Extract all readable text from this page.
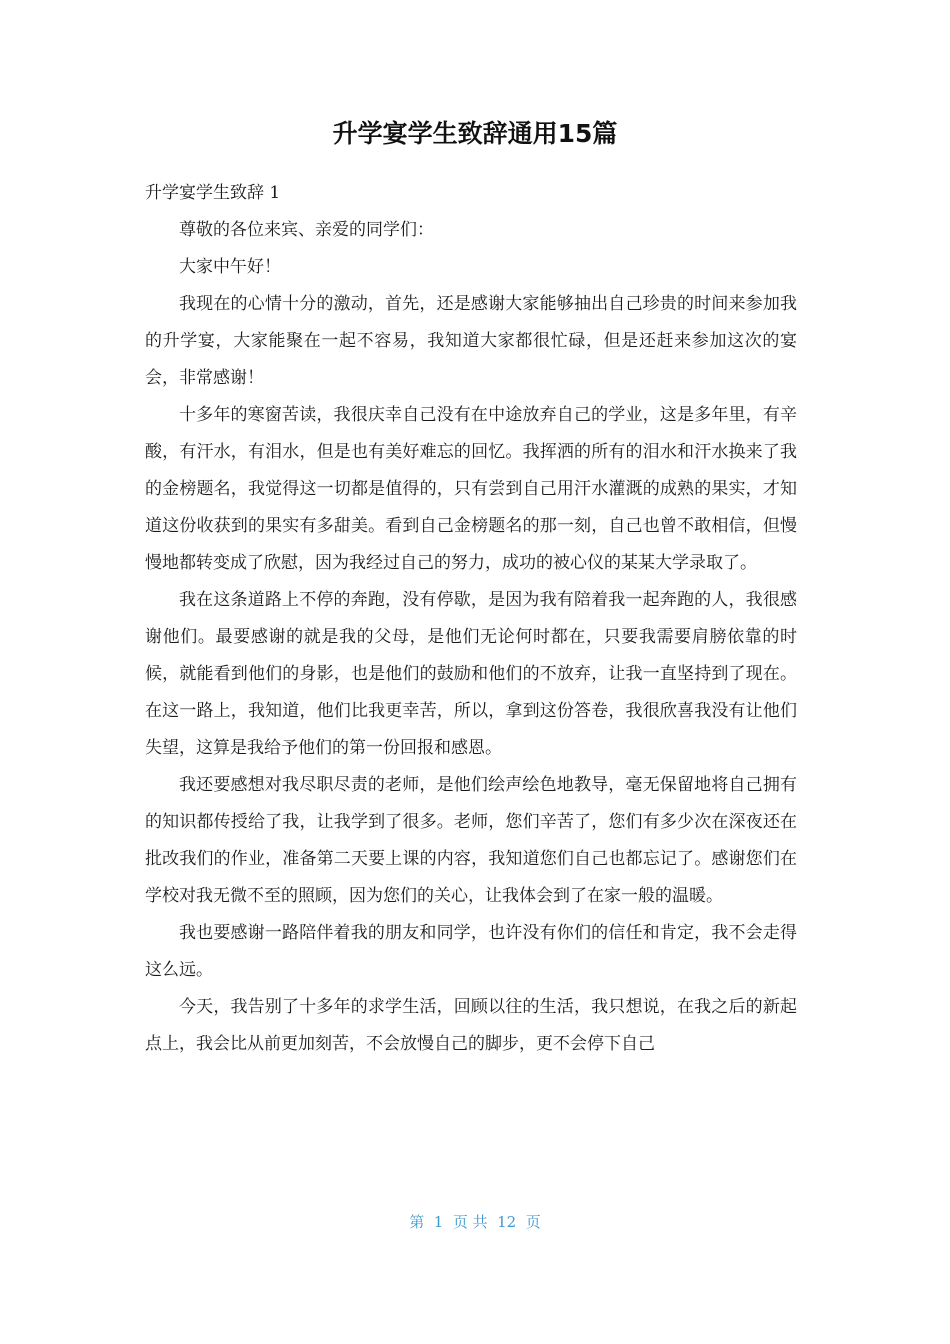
升学宴学生致辞通用15篇

升学宴学生致辞 1

尊敬的各位来宾、亲爱的同学们：

大家中午好！

我现在的心情十分的激动，首先，还是感谢大家能够抽出自己珍贵的时间来参加我的升学宴，大家能聚在一起不容易，我知道大家都很忙碌，但是还赶来参加这次的宴会，非常感谢！

十多年的寒窗苦读，我很庆幸自己没有在中途放弃自己的学业，这是多年里，有辛酸，有汗水，有泪水，但是也有美好难忘的回忆。我挥洒的所有的泪水和汗水换来了我的金榜题名，我觉得这一切都是值得的，只有尝到自己用汗水灌溉的成熟的果实，才知道这份收获到的果实有多甜美。看到自己金榜题名的那一刻，自己也曾不敢相信，但慢慢地都转变成了欣慰，因为我经过自己的努力，成功的被心仪的某某大学录取了。

我在这条道路上不停的奔跑，没有停歇，是因为我有陪着我一起奔跑的人，我很感谢他们。最要感谢的就是我的父母，是他们无论何时都在，只要我需要肩膀依靠的时候，就能看到他们的身影，也是他们的鼓励和他们的不放弃，让我一直坚持到了现在。在这一路上，我知道，他们比我更幸苦，所以，拿到这份答卷，我很欣喜我没有让他们失望，这算是我给予他们的第一份回报和感恩。

我还要感想对我尽职尽责的老师，是他们绘声绘色地教导，毫无保留地将自己拥有的知识都传授给了我，让我学到了很多。老师，您们辛苦了，您们有多少次在深夜还在批改我们的作业，准备第二天要上课的内容，我知道您们自己也都忘记了。感谢您们在学校对我无微不至的照顾，因为您们的关心，让我体会到了在家一般的温暖。

我也要感谢一路陪伴着我的朋友和同学，也许没有你们的信任和肯定，我不会走得这么远。

今天，我告别了十多年的求学生活，回顾以往的生活，我只想说，在我之后的新起点上，我会比从前更加刻苦，不会放慢自己的脚步，更不会停下自己

第  1  页 共  12  页
